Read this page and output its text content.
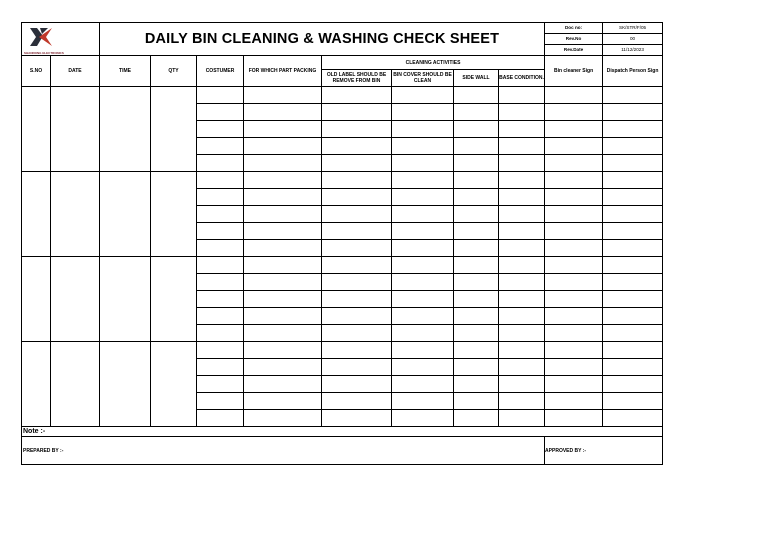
SHANDONG ELECTRONICS		DAILY BIN CLEANING & WASHING CHECK SHEET								Doc no:	SK/STR/F/05
										Rev.No	00
										Rev.Date	11/12/2023
S.NO	DATE	TIME	QTY	COSTUMER	FOR WHICH PART PACKING	CLEANING ACTIVITIES				Bin cleaner Sign	Dispatch Person Sign
						OLD LABEL SHOULD BE REMOVE FROM BIN	BIN COVER SHOULD BE CLEAN	SIDE WALL	BASE CONDITION.		

Note :-											
PREPARED BY :-										APPROVED BY :-	
